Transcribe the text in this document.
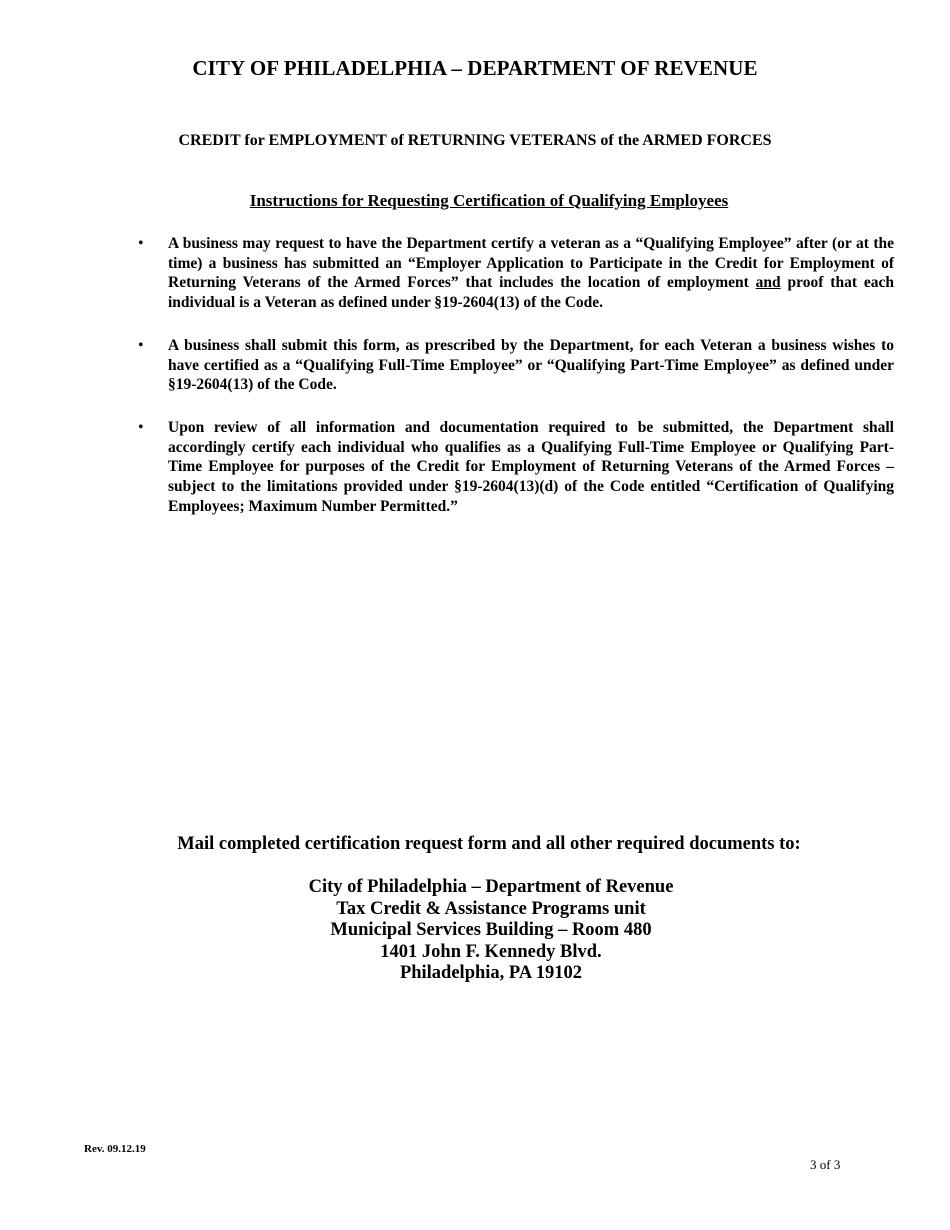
CITY OF PHILADELPHIA – DEPARTMENT OF REVENUE
CREDIT for EMPLOYMENT of RETURNING VETERANS of the ARMED FORCES
Instructions for Requesting Certification of Qualifying Employees
• A business may request to have the Department certify a veteran as a “Qualifying Employee” after (or at the time) a business has submitted an “Employer Application to Participate in the Credit for Employment of Returning Veterans of the Armed Forces” that includes the location of employment and proof that each individual is a Veteran as defined under §19-2604(13) of the Code.
• A business shall submit this form, as prescribed by the Department, for each Veteran a business wishes to have certified as a “Qualifying Full-Time Employee” or “Qualifying Part-Time Employee” as defined under §19-2604(13) of the Code.
• Upon review of all information and documentation required to be submitted, the Department shall accordingly certify each individual who qualifies as a Qualifying Full-Time Employee or Qualifying Part-Time Employee for purposes of the Credit for Employment of Returning Veterans of the Armed Forces – subject to the limitations provided under §19-2604(13)(d) of the Code entitled “Certification of Qualifying Employees; Maximum Number Permitted.”
Mail completed certification request form and all other required documents to:
City of Philadelphia – Department of Revenue
Tax Credit & Assistance Programs unit
Municipal Services Building – Room 480
1401 John F. Kennedy Blvd.
Philadelphia, PA 19102
Rev. 09.12.19
3 of 3
